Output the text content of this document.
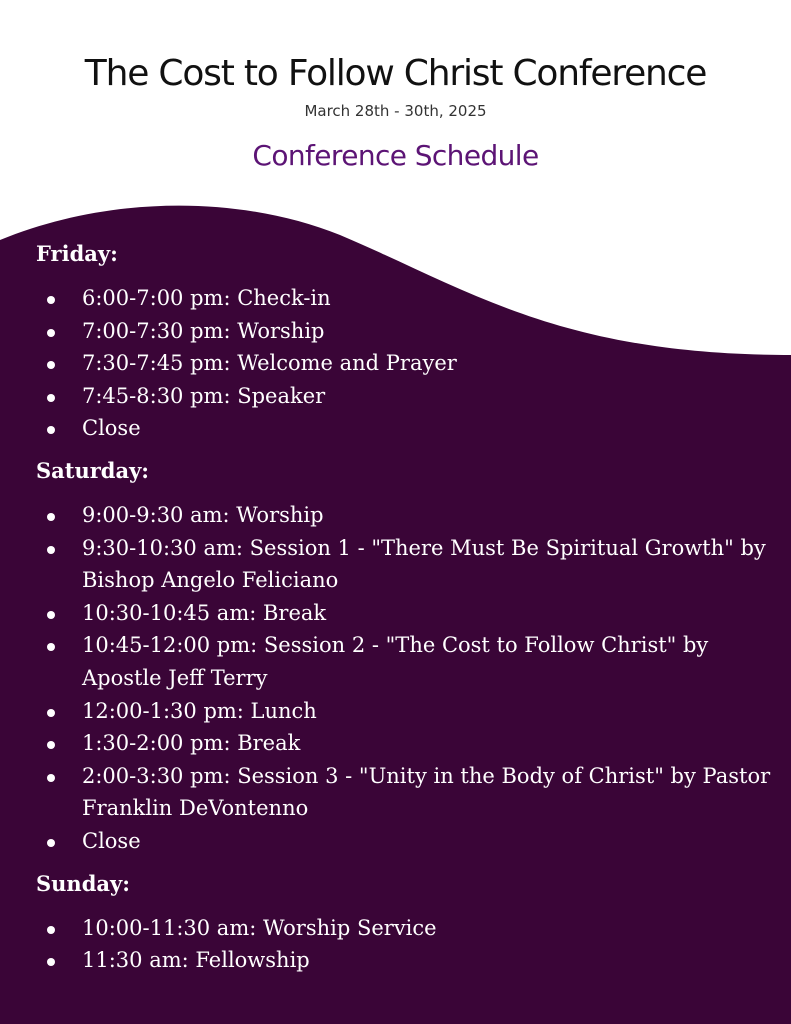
The Cost to Follow Christ Conference
March 28th - 30th, 2025
Conference Schedule
Friday:
6:00-7:00 pm: Check-in
7:00-7:30 pm: Worship
7:30-7:45 pm: Welcome and Prayer
7:45-8:30 pm: Speaker
Close
Saturday:
9:00-9:30 am: Worship
9:30-10:30 am: Session 1 - "There Must Be Spiritual Growth" by Bishop Angelo Feliciano
10:30-10:45 am: Break
10:45-12:00 pm: Session 2 - "The Cost to Follow Christ" by Apostle Jeff Terry
12:00-1:30 pm: Lunch
1:30-2:00 pm: Break
2:00-3:30 pm: Session 3 - "Unity in the Body of Christ" by Pastor Franklin DeVontenno
Close
Sunday:
10:00-11:30 am: Worship Service
11:30 am: Fellowship
